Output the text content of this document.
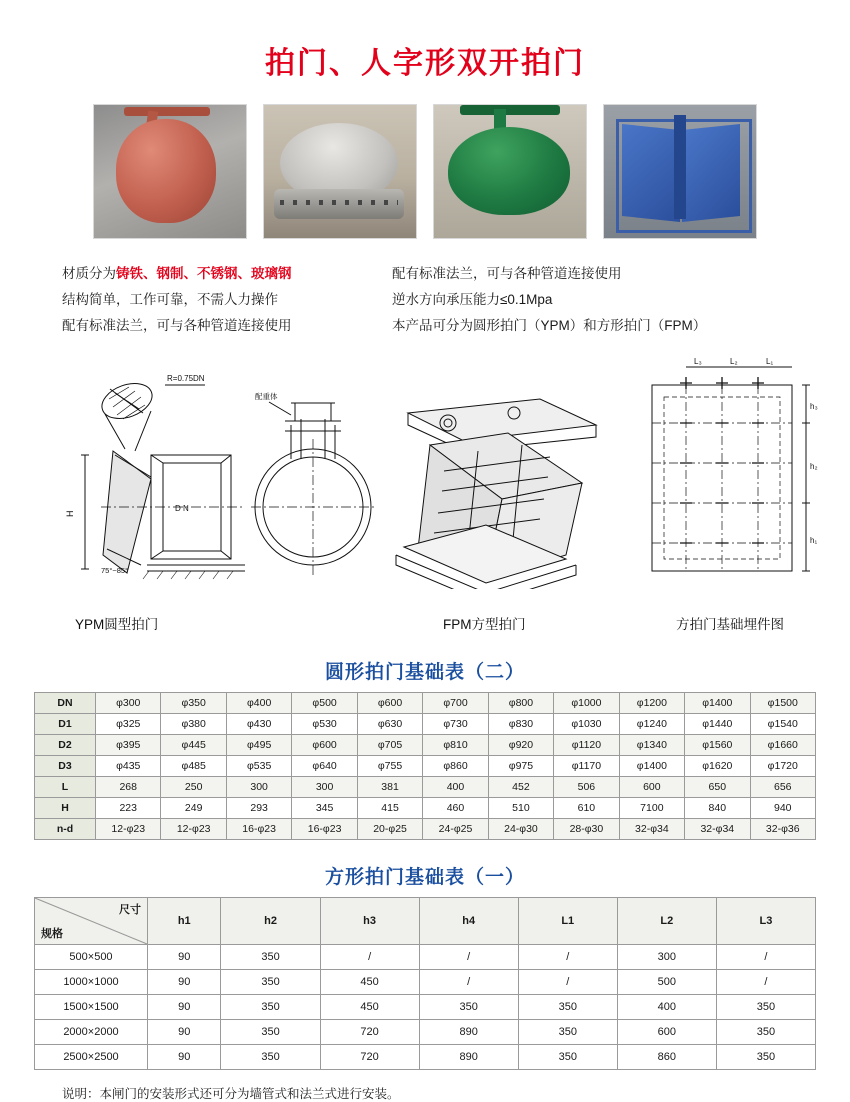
拍门、人字形双开拍门
材质分为铸铁、钢制、不锈钢、玻璃钢
结构简单，工作可靠，不需人力操作
配有标准法兰，可与各种管道连接使用
配有标准法兰，可与各种管道连接使用
逆水方向承压能力≤0.1Mpa
本产品可分为圆形拍门（YPM）和方形拍门（FPM）
R=0.75DN
D N
H
75°~85°
配重体
L₃	L₂	L₁
h₃
h₂
h₁
YPM圆型拍门	FPM方型拍门	方拍门基础埋件图
圆形拍门基础表（二）
DN	φ300	φ350	φ400	φ500	φ600	φ700	φ800	φ1000	φ1200	φ1400	φ1500
D1	φ325	φ380	φ430	φ530	φ630	φ730	φ830	φ1030	φ1240	φ1440	φ1540
D2	φ395	φ445	φ495	φ600	φ705	φ810	φ920	φ1120	φ1340	φ1560	φ1660
D3	φ435	φ485	φ535	φ640	φ755	φ860	φ975	φ1170	φ1400	φ1620	φ1720
L	268	250	300	300	381	400	452	506	600	650	656
H	223	249	293	345	415	460	510	610	7100	840	940
n-d	12-φ23	12-φ23	16-φ23	16-φ23	20-φ25	24-φ25	24-φ30	28-φ30	32-φ34	32-φ34	32-φ36
方形拍门基础表（一）
尺寸
规格	h1	h2	h3	h4	L1	L2	L3
500×500	90	350	/	/	/	300	/
1000×1000	90	350	450	/	/	500	/
1500×1500	90	350	450	350	350	400	350
2000×2000	90	350	720	890	350	600	350
2500×2500	90	350	720	890	350	860	350
说明：本闸门的安装形式还可分为墙管式和法兰式进行安装。
